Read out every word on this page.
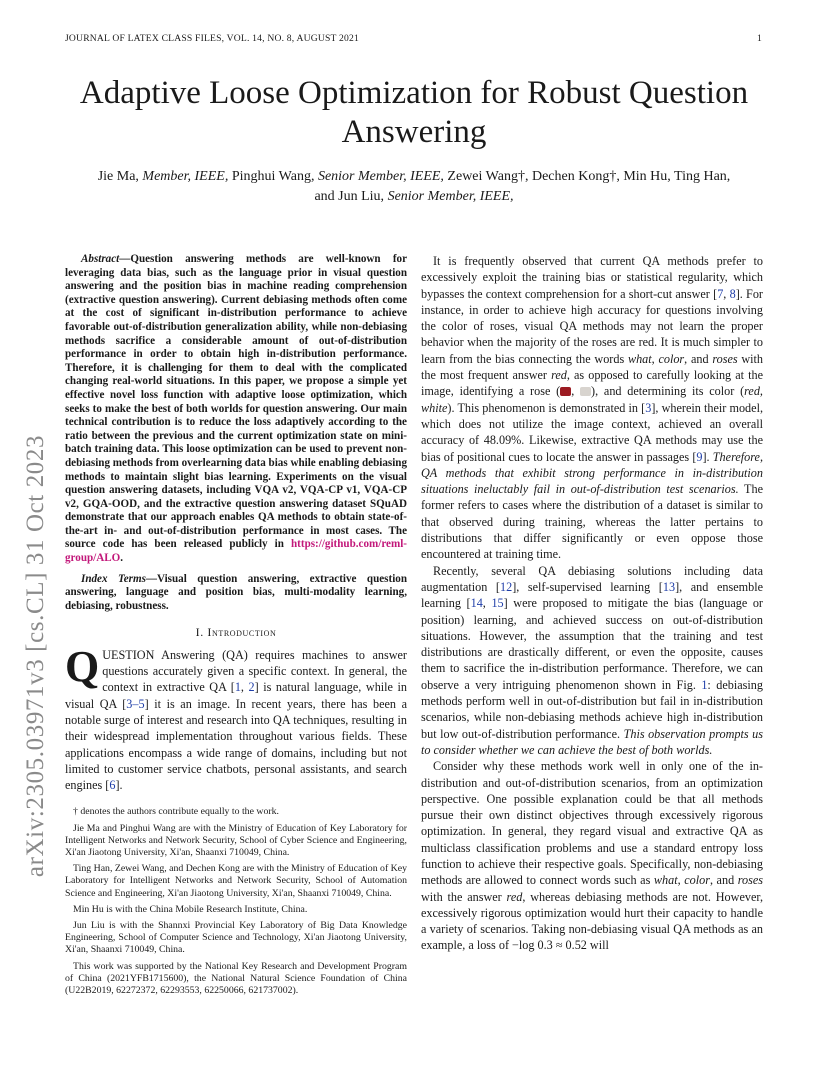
JOURNAL OF LATEX CLASS FILES, VOL. 14, NO. 8, AUGUST 2021	1
Adaptive Loose Optimization for Robust Question Answering
Jie Ma, Member, IEEE, Pinghui Wang, Senior Member, IEEE, Zewei Wang†, Dechen Kong†, Min Hu, Ting Han,
and Jun Liu, Senior Member, IEEE,
arXiv:2305.03971v3 [cs.CL] 31 Oct 2023

Abstract—Question answering methods are well-known for leveraging data bias, such as the language prior in visual question answering and the position bias in machine reading comprehension (extractive question answering). Current debiasing methods often come at the cost of significant in-distribution performance to achieve favorable out-of-distribution generalization ability, while non-debiasing methods sacrifice a considerable amount of out-of-distribution performance in order to obtain high in-distribution performance. Therefore, it is challenging for them to deal with the complicated changing real-world situations. In this paper, we propose a simple yet effective novel loss function with adaptive loose optimization, which seeks to make the best of both worlds for question answering. Our main technical contribution is to reduce the loss adaptively according to the ratio between the previous and the current optimization state on mini-batch training data. This loose optimization can be used to prevent non-debiasing methods from overlearning data bias while enabling debiasing methods to maintain slight bias learning. Experiments on the visual question answering datasets, including VQA v2, VQA-CP v1, VQA-CP v2, GQA-OOD, and the extractive question answering dataset SQuAD demonstrate that our approach enables QA methods to obtain state-of-the-art in- and out-of-distribution performance in most cases. The source code has been released publicly in https://github.com/reml-group/ALO.

Index Terms—Visual question answering, extractive question answering, language and position bias, multi-modality learning, debiasing, robustness.

I. Introduction

QUESTION Answering (QA) requires machines to answer questions accurately given a specific context. In general, the context in extractive QA [1, 2] is natural language, while in visual QA [3–5] it is an image. In recent years, there has been a notable surge of interest and research into QA techniques, resulting in their widespread implementation throughout various fields. These applications encompass a wide range of domains, including but not limited to customer service chatbots, personal assistants, and search engines [6].

† denotes the authors contribute equally to the work.

Jie Ma and Pinghui Wang are with the Ministry of Education of Key Laboratory for Intelligent Networks and Network Security, School of Cyber Science and Engineering, Xi'an Jiaotong University, Xi'an, Shaanxi 710049, China.

Ting Han, Zewei Wang, and Dechen Kong are with the Ministry of Education of Key Laboratory for Intelligent Networks and Network Security, School of Automation Science and Engineering, Xi'an Jiaotong University, Xi'an, Shaanxi 710049, China.

Min Hu is with the China Mobile Research Institute, China.

Jun Liu is with the Shannxi Provincial Key Laboratory of Big Data Knowledge Engineering, School of Computer Science and Technology, Xi'an Jiaotong University, Xi'an, Shaanxi 710049, China.

This work was supported by the National Key Research and Development Program of China (2021YFB1715600), the National Natural Science Foundation of China (U22B2019, 62272372, 62293553, 62250066, 621737002).

It is frequently observed that current QA methods prefer to excessively exploit the training bias or statistical regularity, which bypasses the context comprehension for a short-cut answer [7, 8]. For instance, in order to achieve high accuracy for questions involving the color of roses, visual QA methods may not learn the proper behavior when the majority of the roses are red. It is much simpler to learn from the bias connecting the words what, color, and roses with the most frequent answer red, as opposed to carefully looking at the image, identifying a rose ( , ), and determining its color (red, white). This phenomenon is demonstrated in [3], wherein their model, which does not utilize the image context, achieved an overall accuracy of 48.09%. Likewise, extractive QA methods may use the bias of positional cues to locate the answer in passages [9]. Therefore, QA methods that exhibit strong performance in in-distribution situations ineluctably fail in out-of-distribution test scenarios. The former refers to cases where the distribution of a dataset is similar to that observed during training, whereas the latter pertains to distributions that differ significantly or even oppose those encountered at training time.

Recently, several QA debiasing solutions including data augmentation [12], self-supervised learning [13], and ensemble learning [14, 15] were proposed to mitigate the bias (language or position) learning, and achieved success on out-of-distribution situations. However, the assumption that the training and test distributions are drastically different, or even the opposite, causes them to sacrifice the in-distribution performance. Therefore, we can observe a very intriguing phenomenon shown in Fig. 1: debiasing methods perform well in out-of-distribution but fail in in-distribution scenarios, while non-debiasing methods achieve high in-distribution but low out-of-distribution performance. This observation prompts us to consider whether we can achieve the best of both worlds.

Consider why these methods work well in only one of the in-distribution and out-of-distribution scenarios, from an optimization perspective. One possible explanation could be that all methods pursue their own distinct objectives through excessively rigorous optimization. In general, they regard visual and extractive QA as multiclass classification problems and use a standard entropy loss function to achieve their respective goals. Specifically, non-debiasing methods are allowed to connect words such as what, color, and roses with the answer red, whereas debiasing methods are not. However, excessively rigorous optimization would hurt their capacity to handle a variety of scenarios. Taking non-debiasing visual QA methods as an example, a loss of −log 0.3 ≈ 0.52 will
